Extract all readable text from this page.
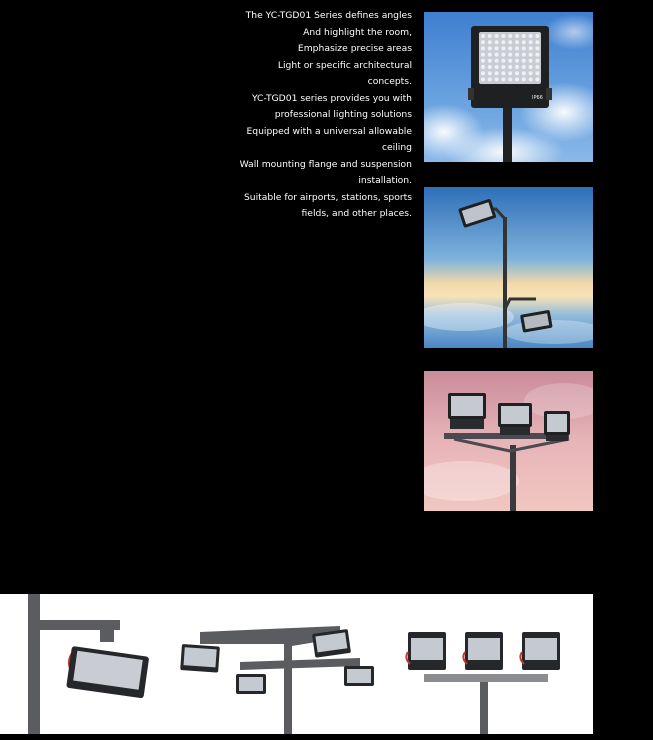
The YC-TGD01 Series defines angles

And highlight the room,

Emphasize precise areas

Light or specific architectural

concepts.

YC-TGD01 series provides you with

professional lighting solutions

Equipped with a universal allowable

ceiling

Wall mounting flange and suspension

installation.

Suitable for airports, stations, sports

fields, and other places.

IP66
